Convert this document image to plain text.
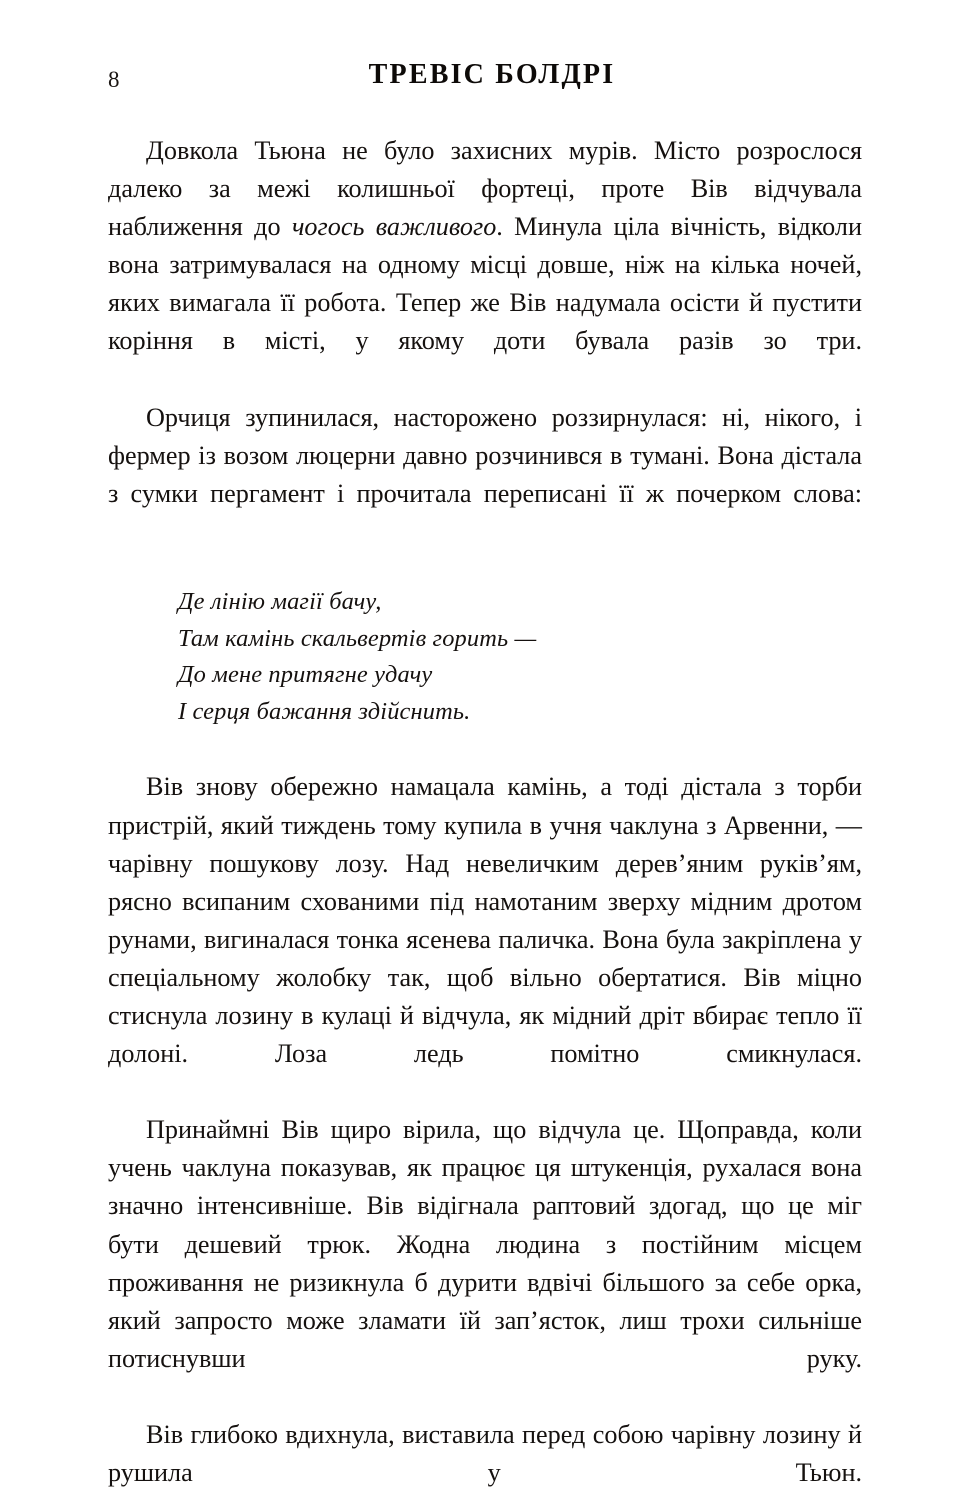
8	ТРЕВІС БОЛДРІ

Довкола Тьюна не було захисних мурів. Місто розрослося далеко за межі колишньої фортеці, проте Вів відчувала наближення до чогось важливого. Минула ціла вічність, відколи вона затримувалася на одному місці довше, ніж на кілька ночей, яких вимагала її робота. Тепер же Вів надумала осісти й пустити коріння в місті, у якому доти бувала разів зо три.

Орчиця зупинилася, насторожено роззирнулася: ні, нікого, і фермер із возом люцерни давно розчинився в тумані. Вона дістала з сумки пергамент і прочитала переписані її ж почерком слова:

Де лінію магії бачу,
Там камінь скальвертів горить —
До мене притягне удачу
І серця бажання здійснить.

Вів знову обережно намацала камінь, а тоді дістала з торби пристрій, який тиждень тому купила в учня чаклуна з Арвенни, — чарівну пошукову лозу. Над невеличким дерев’яним руків’ям, рясно всипаним схованими під намотаним зверху мідним дротом рунами, вигиналася тонка ясенева паличка. Вона була закріплена у спеціальному жолобку так, щоб вільно обертатися. Вів міцно стиснула лозину в кулаці й відчула, як мідний дріт вбирає тепло її долоні. Лоза ледь помітно смикнулася.

Принаймні Вів щиро вірила, що відчула це. Щоправда, коли учень чаклуна показував, як працює ця штукенція, рухалася вона значно інтенсивніше. Вів відігнала раптовий здогад, що це міг бути дешевий трюк. Жодна людина з постійним місцем проживання не ризикнула б дурити вдвічі більшого за себе орка, який запросто може зламати їй зап’ясток, лиш трохи сильніше потиснувши руку.

Вів глибоко вдихнула, виставила перед собою чарівну лозину й рушила у Тьюн.
